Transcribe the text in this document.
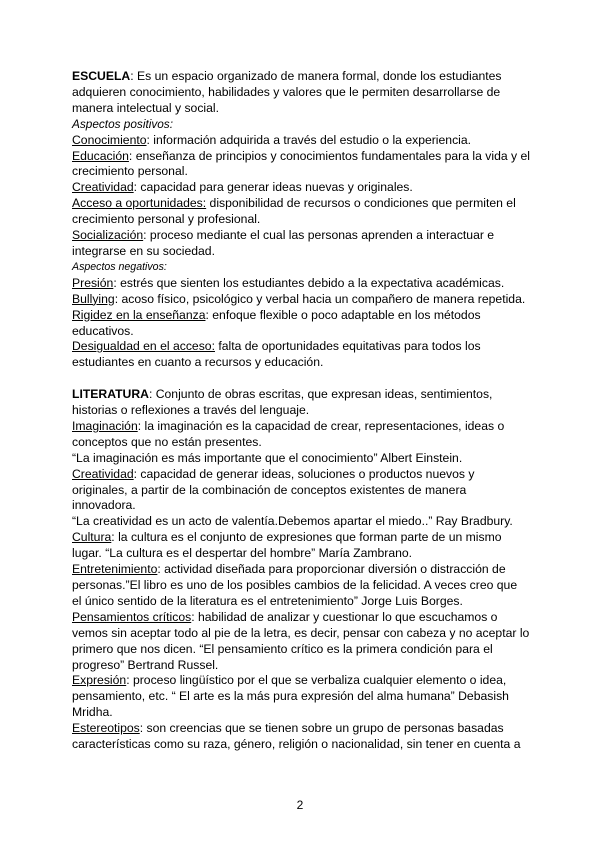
ESCUELA: Es un espacio organizado de manera formal, donde los estudiantes
adquieren conocimiento, habilidades y valores que le permiten desarrollarse de
manera intelectual y social.
Aspectos positivos:
Conocimiento: información adquirida a través del estudio o la experiencia.
Educación: enseñanza de principios y conocimientos fundamentales para la vida y el
crecimiento personal.
Creatividad: capacidad para generar ideas nuevas y originales.
Acceso a oportunidades: disponibilidad de recursos o condiciones que permiten el
crecimiento personal y profesional.
Socialización: proceso mediante el cual las personas aprenden a interactuar e
integrarse en su sociedad.
Aspectos negativos:
Presión: estrés que sienten los estudiantes debido a la expectativa académicas.
Bullying: acoso físico, psicológico y verbal hacia un compañero de manera repetida.
Rigidez en la enseñanza: enfoque flexible o poco adaptable en los métodos
educativos.
Desigualdad en el acceso: falta de oportunidades equitativas para todos los
estudiantes en cuanto a recursos y educación.
LITERATURA: Conjunto de obras escritas, que expresan ideas, sentimientos,
historias o reflexiones a través del lenguaje.
Imaginación: la imaginación es la capacidad de crear, representaciones, ideas o
conceptos que no están presentes.
“La imaginación es más importante que el conocimiento” Albert Einstein.
Creatividad: capacidad de generar ideas, soluciones o productos nuevos y
originales, a partir de la combinación de conceptos existentes de manera
innovadora.
“La creatividad es un acto de valentía.Debemos apartar el miedo..” Ray Bradbury.
Cultura: la cultura es el conjunto de expresiones que forman parte de un mismo
lugar. “La cultura es el despertar del hombre” María Zambrano.
Entretenimiento: actividad diseñada para proporcionar diversión o distracción de
personas.”El libro es uno de los posibles cambios de la felicidad. A veces creo que
el único sentido de la literatura es el entretenimiento” Jorge Luis Borges.
Pensamientos críticos: habilidad de analizar y cuestionar lo que escuchamos o
vemos sin aceptar todo al pie de la letra, es decir, pensar con cabeza y no aceptar lo
primero que nos dicen. “El pensamiento crítico es la primera condición para el
progreso” Bertrand Russel.
Expresión: proceso lingüístico por el que se verbaliza cualquier elemento o idea,
pensamiento, etc. “ El arte es la más pura expresión del alma humana” Debasish
Mridha.
Estereotipos: son creencias que se tienen sobre un grupo de personas basadas
características como su raza, género, religión o nacionalidad, sin tener en cuenta a
2
